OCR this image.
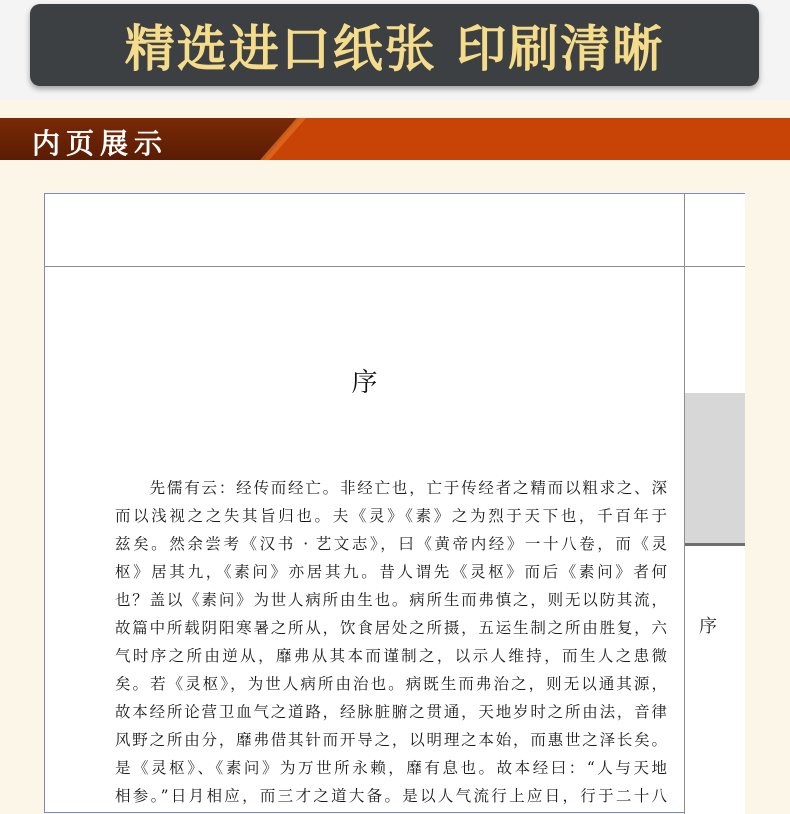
精选进口纸张 印刷清晰
内页展示
序
序
　　先儒有云：经传而经亡。非经亡也，亡于传经者之精而以粗求之、深
而以浅视之之失其旨归也。夫《灵》《素》之为烈于天下也，千百年于
兹矣。然余尝考《汉书 · 艺文志》，曰《黄帝内经》一十八卷，而《灵
枢》居其九，《素问》亦居其九。昔人谓先《灵枢》而后《素问》者何
也？盖以《素问》为世人病所由生也。病所生而弗慎之，则无以防其流，
故篇中所载阴阳寒暑之所从，饮食居处之所摄，五运生制之所由胜复，六
气时序之所由逆从，靡弗从其本而谨制之，以示人维持，而生人之患微
矣。若《灵枢》，为世人病所由治也。病既生而弗治之，则无以通其源，
故本经所论营卫血气之道路，经脉脏腑之贯通，天地岁时之所由法，音律
风野之所由分，靡弗借其针而开导之，以明理之本始，而惠世之泽长矣。
是《灵枢》、《素问》为万世所永赖，靡有息也。故本经曰：“人与天地
相参。”日月相应，而三才之道大备。是以人气流行上应日，行于二十八
